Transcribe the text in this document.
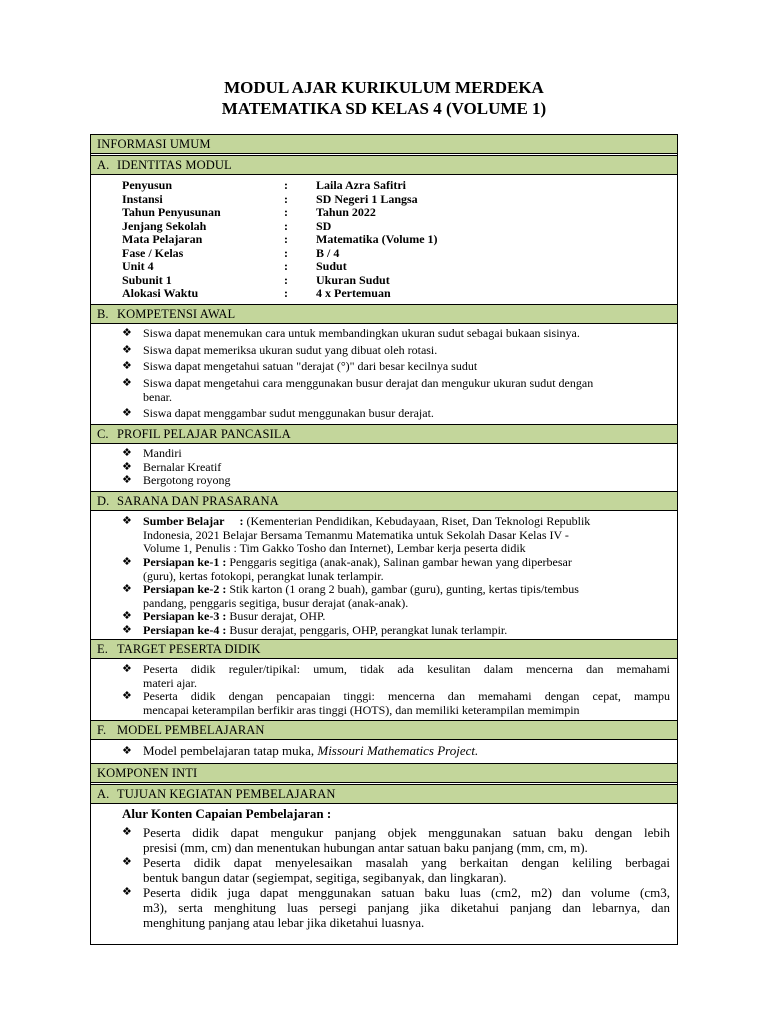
MODUL AJAR KURIKULUM MERDEKA
MATEMATIKA SD KELAS 4 (VOLUME 1)
INFORMASI UMUM
A. IDENTITAS MODUL
Penyusun	: Laila Azra Safitri
Instansi	: SD Negeri 1 Langsa
Tahun Penyusunan	: Tahun 2022
Jenjang Sekolah	: SD
Mata Pelajaran	: Matematika (Volume 1)
Fase / Kelas	: B / 4
Unit 4	: Sudut
Subunit 1	: Ukuran Sudut
Alokasi Waktu	: 4 x Pertemuan
B. KOMPETENSI AWAL
❖ Siswa dapat menemukan cara untuk membandingkan ukuran sudut sebagai bukaan sisinya.
❖ Siswa dapat memeriksa ukuran sudut yang dibuat oleh rotasi.
❖ Siswa dapat mengetahui satuan "derajat (°)" dari besar kecilnya sudut
❖ Siswa dapat mengetahui cara menggunakan busur derajat dan mengukur ukuran sudut dengan
benar.
❖ Siswa dapat menggambar sudut menggunakan busur derajat.
C. PROFIL PELAJAR PANCASILA
❖ Mandiri
❖ Bernalar Kreatif
❖ Bergotong royong
D. SARANA DAN PRASARANA
❖ Sumber Belajar : (Kementerian Pendidikan, Kebudayaan, Riset, Dan Teknologi Republik
Indonesia, 2021 Belajar Bersama Temanmu Matematika untuk Sekolah Dasar Kelas IV -
Volume 1, Penulis : Tim Gakko Tosho dan Internet), Lembar kerja peserta didik
❖ Persiapan ke-1 : Penggaris segitiga (anak-anak), Salinan gambar hewan yang diperbesar
(guru), kertas fotokopi, perangkat lunak terlampir.
❖ Persiapan ke-2 : Stik karton (1 orang 2 buah), gambar (guru), gunting, kertas tipis/tembus
pandang, penggaris segitiga, busur derajat (anak-anak).
❖ Persiapan ke-3 : Busur derajat, OHP.
❖ Persiapan ke-4 : Busur derajat, penggaris, OHP, perangkat lunak terlampir.
E. TARGET PESERTA DIDIK
❖ Peserta didik reguler/tipikal: umum, tidak ada kesulitan dalam mencerna dan memahami
materi ajar.
❖ Peserta didik dengan pencapaian tinggi: mencerna dan memahami dengan cepat, mampu
mencapai keterampilan berfikir aras tinggi (HOTS), dan memiliki keterampilan memimpin
F. MODEL PEMBELAJARAN
❖ Model pembelajaran tatap muka, Missouri Mathematics Project.
KOMPONEN INTI
A. TUJUAN KEGIATAN PEMBELAJARAN
Alur Konten Capaian Pembelajaran :
❖ Peserta didik dapat mengukur panjang objek menggunakan satuan baku dengan lebih
presisi (mm, cm) dan menentukan hubungan antar satuan baku panjang (mm, cm, m).
❖ Peserta didik dapat menyelesaikan masalah yang berkaitan dengan keliling berbagai
bentuk bangun datar (segiempat, segitiga, segibanyak, dan lingkaran).
❖ Peserta didik juga dapat menggunakan satuan baku luas (cm2, m2) dan volume (cm3,
m3), serta menghitung luas persegi panjang jika diketahui panjang dan lebarnya, dan
menghitung panjang atau lebar jika diketahui luasnya.
